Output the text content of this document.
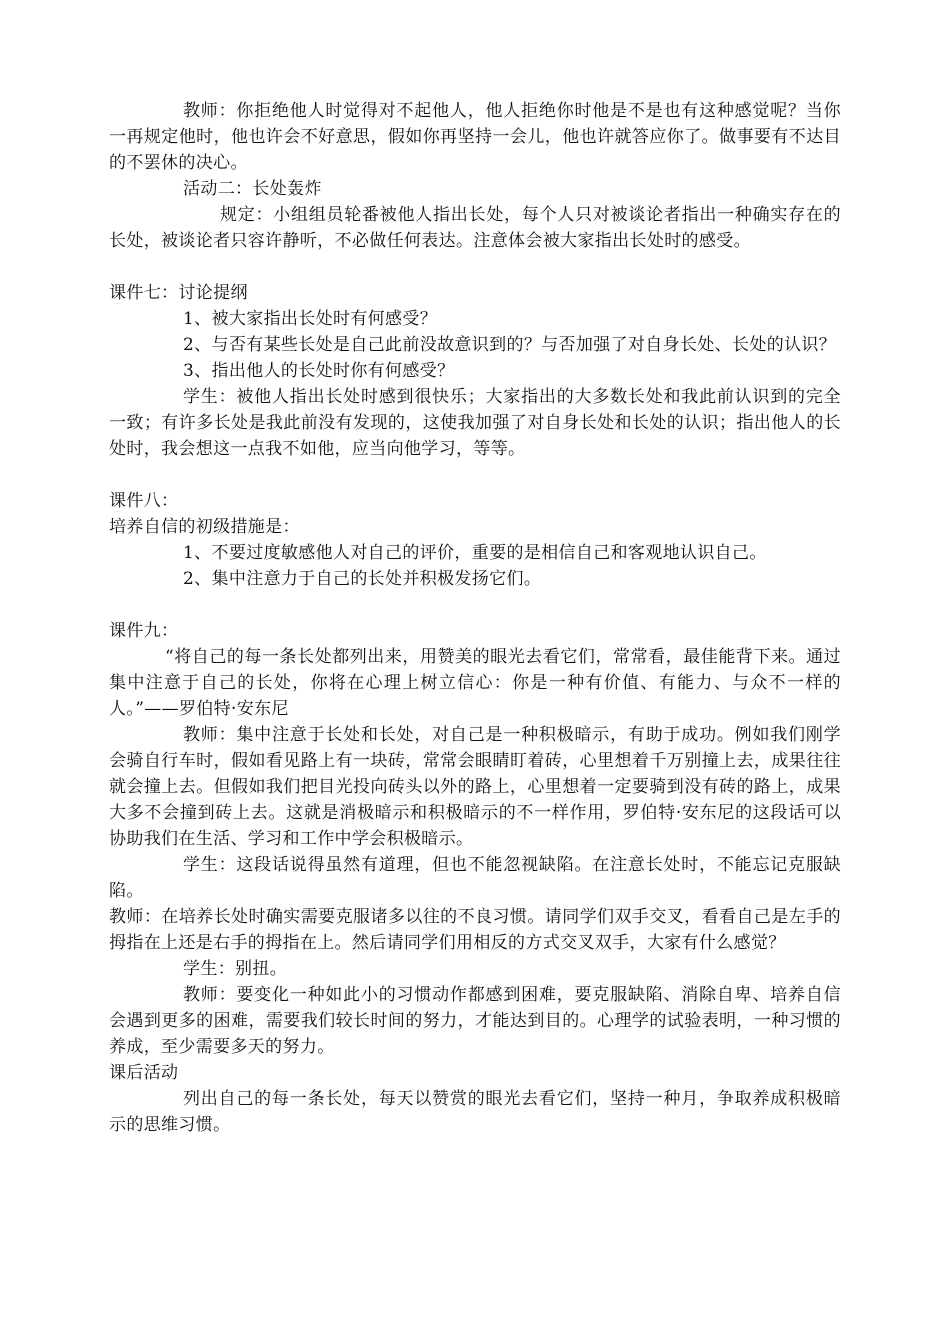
教师：你拒绝他人时觉得对不起他人，他人拒绝你时他是不是也有这种感觉呢？当你一再规定他时，他也许会不好意思，假如你再坚持一会儿，他也许就答应你了。做事要有不达目的不罢休的决心。

活动二：长处轰炸

规定：小组组员轮番被他人指出长处，每个人只对被谈论者指出一种确实存在的长处，被谈论者只容许静听，不必做任何表达。注意体会被大家指出长处时的感受。

课件七：讨论提纲

1、被大家指出长处时有何感受？

2、与否有某些长处是自己此前没故意识到的？与否加强了对自身长处、长处的认识？

3、指出他人的长处时你有何感受？

学生：被他人指出长处时感到很快乐；大家指出的大多数长处和我此前认识到的完全一致；有许多长处是我此前没有发现的，这使我加强了对自身长处和长处的认识；指出他人的长处时，我会想这一点我不如他，应当向他学习，等等。

课件八：

培养自信的初级措施是：

1、不要过度敏感他人对自己的评价，重要的是相信自己和客观地认识自己。

2、集中注意力于自己的长处并积极发扬它们。

课件九：

“将自己的每一条长处都列出来，用赞美的眼光去看它们，常常看，最佳能背下来。通过集中注意于自己的长处，你将在心理上树立信心：你是一种有价值、有能力、与众不一样的人。”——罗伯特·安东尼

教师：集中注意于长处和长处，对自己是一种积极暗示，有助于成功。例如我们刚学会骑自行车时，假如看见路上有一块砖，常常会眼睛盯着砖，心里想着千万别撞上去，成果往往就会撞上去。但假如我们把目光投向砖头以外的路上，心里想着一定要骑到没有砖的路上，成果大多不会撞到砖上去。这就是消极暗示和积极暗示的不一样作用，罗伯特·安东尼的这段话可以协助我们在生活、学习和工作中学会积极暗示。

学生：这段话说得虽然有道理，但也不能忽视缺陷。在注意长处时，不能忘记克服缺陷。

教师：在培养长处时确实需要克服诸多以往的不良习惯。请同学们双手交叉，看看自己是左手的拇指在上还是右手的拇指在上。然后请同学们用相反的方式交叉双手，大家有什么感觉？

学生：别扭。

教师：要变化一种如此小的习惯动作都感到困难，要克服缺陷、消除自卑、培养自信会遇到更多的困难，需要我们较长时间的努力，才能达到目的。心理学的试验表明，一种习惯的养成，至少需要多天的努力。

课后活动

列出自己的每一条长处，每天以赞赏的眼光去看它们，坚持一种月，争取养成积极暗示的思维习惯。
